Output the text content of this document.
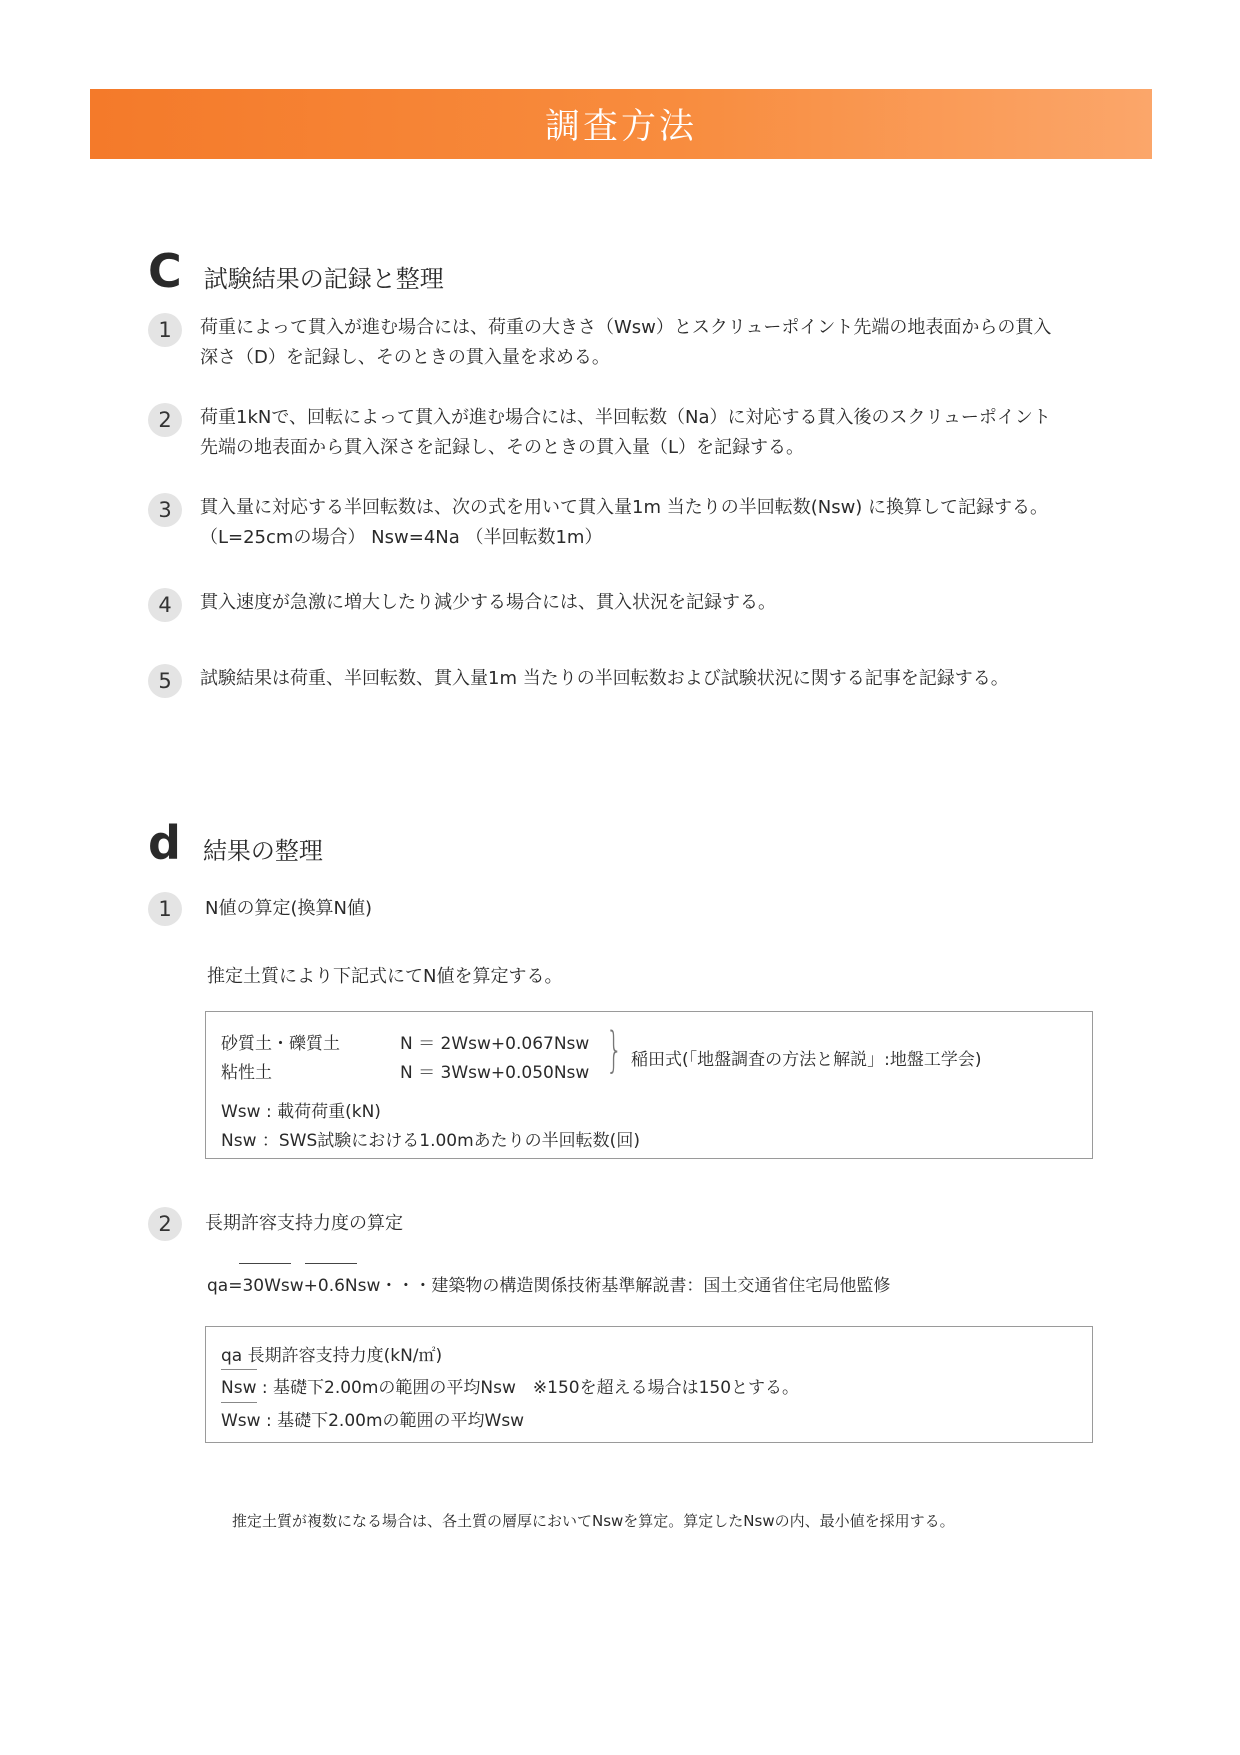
調査方法
C 試験結果の記録と整理
1	荷重によって貫入が進む場合には、荷重の大きさ（Wsw）とスクリューポイント先端の地表面からの貫入
深さ（D）を記録し、そのときの貫入量を求める。
2	荷重1kNで、回転によって貫入が進む場合には、半回転数（Na）に対応する貫入後のスクリューポイント
先端の地表面から貫入深さを記録し、そのときの貫入量（L）を記録する。
3	貫入量に対応する半回転数は、次の式を用いて貫入量1m 当たりの半回転数(Nsw) に換算して記録する。
（L=25cmの場合） Nsw=4Na （半回転数1m）
4	貫入速度が急激に増大したり減少する場合には、貫入状況を記録する。
5	試験結果は荷重、半回転数、貫入量1m 当たりの半回転数および試験状況に関する記事を記録する。
d 結果の整理
1	N値の算定(換算N値)
推定土質により下記式にてN値を算定する。
砂質土・礫質土	N ＝ 2Wsw+0.067Nsw
粘性土	N ＝ 3Wsw+0.050Nsw } 稲田式(「地盤調査の方法と解説」:地盤工学会)
Wsw : 載荷荷重(kN)
Nsw ：SWS試験における1.00mあたりの半回転数(回)
2	長期許容支持力度の算定
qa=30Wsw+0.6Nsw・・・建築物の構造関係技術基準解説書：国土交通省住宅局他監修
qa 長期許容支持力度(kN/㎡)
Nsw : 基礎下2.00mの範囲の平均Nsw　※150を超える場合は150とする。
Wsw : 基礎下2.00mの範囲の平均Wsw
推定土質が複数になる場合は、各土質の層厚においてNswを算定。算定したNswの内、最小値を採用する。
